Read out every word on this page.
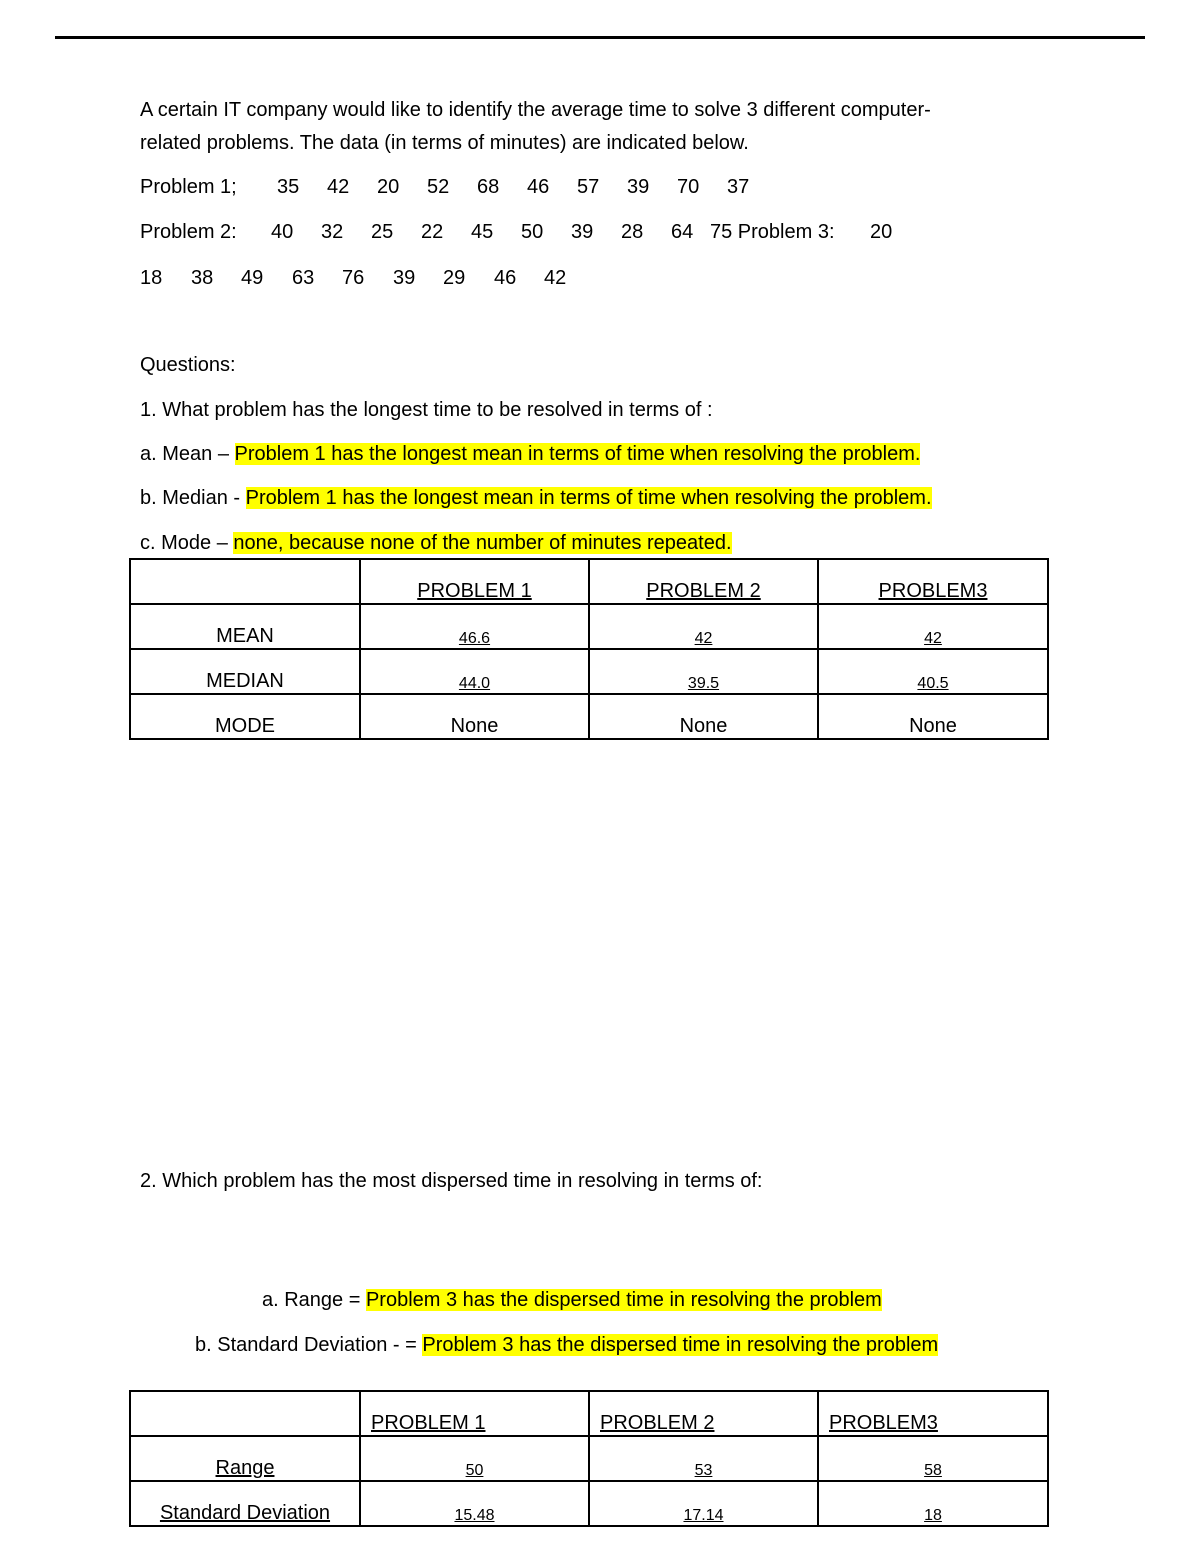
A certain IT company would like to identify the average time to solve 3 different computer-
related problems. The data (in terms of minutes) are indicated below.
Problem 1; 35 42 20 52 68 46 57 39 70 37
Problem 2: 40 32 25 22 45 50 39 28 64 75 Problem 3: 20
18 38 49 63 76 39 29 46 42
Questions:
1. What problem has the longest time to be resolved in terms of :
a. Mean – Problem 1 has the longest mean in terms of time when resolving the problem.
b. Median - Problem 1 has the longest mean in terms of time when resolving the problem.
c. Mode – none, because none of the number of minutes repeated.
	PROBLEM 1	PROBLEM 2	PROBLEM3
MEAN	46.6	42	42
MEDIAN	44.0	39.5	40.5
MODE	None	None	None
2. Which problem has the most dispersed time in resolving in terms of:
a. Range = Problem 3 has the dispersed time in resolving the problem
b. Standard Deviation - = Problem 3 has the dispersed time in resolving the problem
	PROBLEM 1	PROBLEM 2	PROBLEM3
Range	50	53	58
Standard Deviation	15.48	17.14	18
